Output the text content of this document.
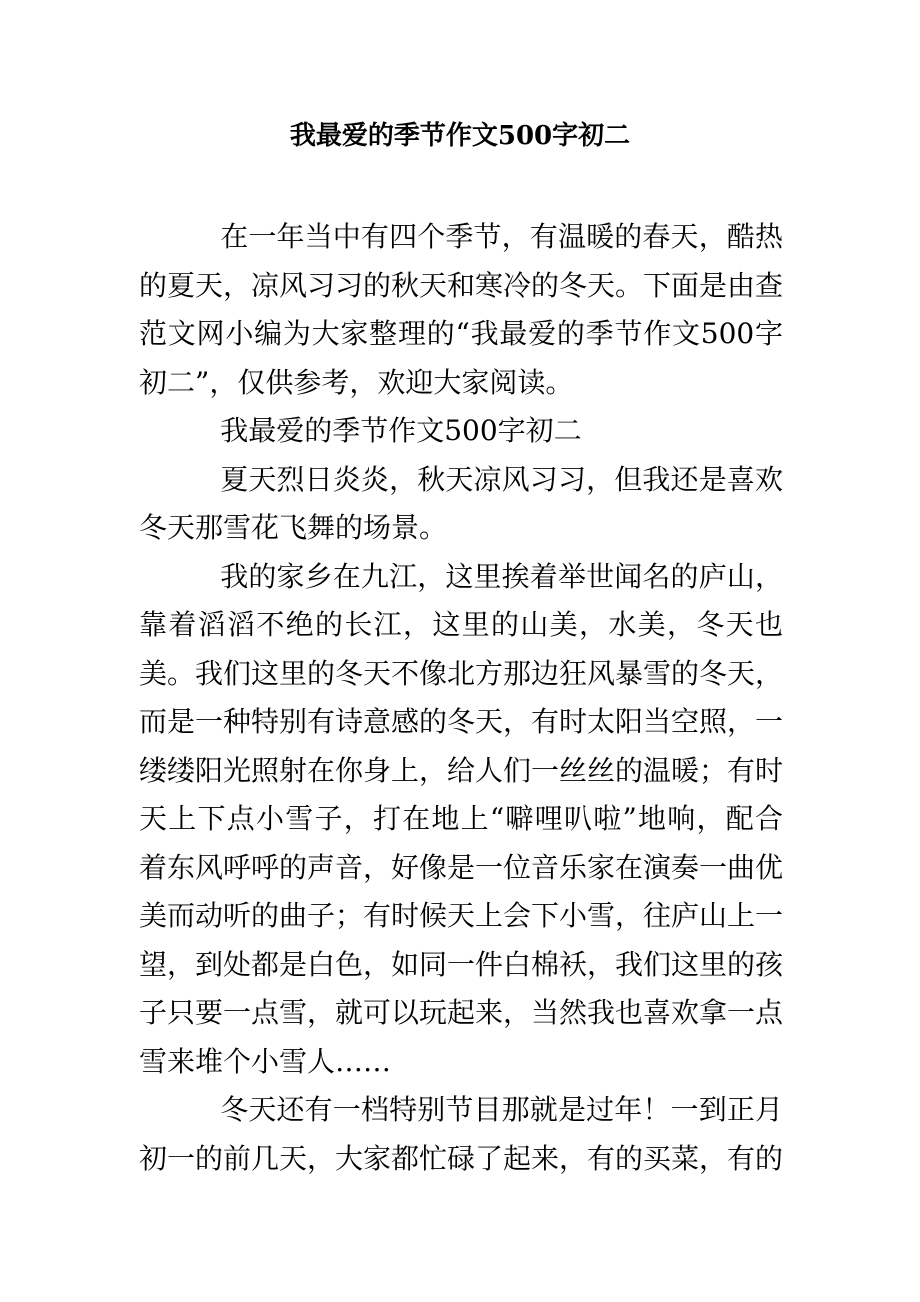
我最爱的季节作文500字初二

在一年当中有四个季节，有温暖的春天，酷热的夏天，凉风习习的秋天和寒冷的冬天。下面是由查范文网小编为大家整理的“我最爱的季节作文500字初二”，仅供参考，欢迎大家阅读。

我最爱的季节作文500字初二

夏天烈日炎炎，秋天凉风习习，但我还是喜欢冬天那雪花飞舞的场景。

我的家乡在九江，这里挨着举世闻名的庐山，靠着滔滔不绝的长江，这里的山美，水美，冬天也美。我们这里的冬天不像北方那边狂风暴雪的冬天，而是一种特别有诗意感的冬天，有时太阳当空照，一缕缕阳光照射在你身上，给人们一丝丝的温暖；有时天上下点小雪子，打在地上“噼哩叭啦”地响，配合着东风呼呼的声音，好像是一位音乐家在演奏一曲优美而动听的曲子；有时候天上会下小雪，往庐山上一望，到处都是白色，如同一件白棉袄，我们这里的孩子只要一点雪，就可以玩起来，当然我也喜欢拿一点雪来堆个小雪人……

冬天还有一档特别节目那就是过年！一到正月初一的前几天，大家都忙碌了起来，有的买菜，有的
